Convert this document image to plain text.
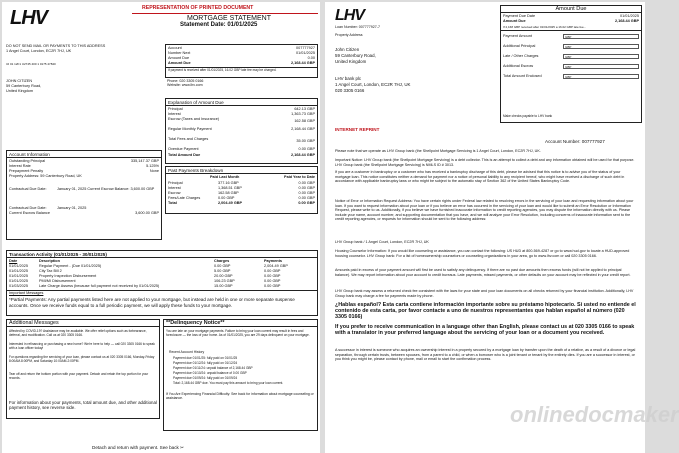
LHV	REPRESENTATION OF PRINTED DOCUMENT
MORTGAGE STATEMENT
Statement Date: 01/01/2025
DO NOT SEND MAIL OR PAYMENTS TO THIS ADDRESS
1 Angel Court, London, EC2R 7HJ, UK
3J 01 12F1 U2745 400 1 0175 47840
JOHN CITIZEN
59 Canterbury Road,
United Kingdom
Account	007777927
Number Next	01/01/2025
Amount Due	0.00
Amount Due	2,168.44 GBP
If payment is received after 01/01/2025, 16.02 GBP late fee may be charged.
Phone: 020 3305 0166
Website: www.lhv.com
Explanation of Amount Due
Principal	642.13 GBP
Interest	1,363.73 GBP
Escrow (Taxes and Insurance)	162.58 GBP
Regular Monthly Payment	2,168.44 GBP
Total Fees and Charges	35.00 GBP
Overdue Payment	0.00 GBP
Total Amount Due	2,168.44 GBP
Account Information
Outstanding Principal	335,147.37 GBP
Interest Rate	5.125%
Prepayment Penalty	None
Property Address: 59 Canterbury Road, UK
Contractual Due Date:	January 01, 2025 Current Escrow Balance: 3,600.00 GBP
Contractual Due Date:	January 01, 2025
Current Escrow Balance	3,600.00 GBP
Past Payments Breakdown
Paid Last Month	Paid Year to Date
Principal	377.16 GBP	0.00 GBP
Interest	1,368.51 GBP	0.00 GBP
Escrow	162.58 GBP	0.00 GBP
Fees/Late Charges	0.00 GBP	0.00 GBP
Total	2,004.49 GBP	0.00 GBP
Transaction Activity (01/01/2025 - 30/01/2025)
Date	Description	Charges	Payments
01/01/2025	Regular Payment - (Due 01/01/2025)	0.00 GBP	2,004.49 GBP
01/01/2025	City Tax Bill 2	5.00 GBP	0.00 GBP
01/01/2025	Property Inspection Disbursement	20.00 GBP	0.00 GBP
01/01/2025	PMI/MI Disbursement	106.23 GBP	0.00 GBP
01/03/2025	Late Charge Assess (because full payment not received by 01/01/2025)	15.00 GBP	0.00 GBP
Important Messages
*Partial Payments: Any partial payments listed here are not applied to your mortgage, but instead are held in one or more separate suspense accounts. Once we receive funds equal to a full periodic payment, we will apply these funds to your mortgage.
Additional Messages
Affected by COVID-19? Assistance may be available. We offer relief options such as forbearance, deferral, and modification. Call us at 020 3305 0166.
Interested in refinancing or purchasing a new home? We're here to help — call 020 3305 0166 to speak with a loan officer today!
For questions regarding the servicing of your loan, please contact us at 020 3305 0166, Monday-Friday 8:00AM-8:00PM, and Saturday 10:00AM-2:00PM.
Tear off and return the bottom portion with your payment. Detach and retain the top portion for your records.
For information about your payments, total amount due, and other additional payment history, see reverse side.
**Delinquency Notice**
You are late on your mortgage payments. Failure to bring your loan current may result in fees and foreclosure — the loss of your home. As of 01/01/2025, you are 29 days delinquent on your mortgage.
Recent Account History
Payment due 01/01/25: fully paid on 01/01/25
Payment due 01/12/24: fully paid on 01/12/24
Payment due 01/11/24: unpaid balance of 2,168.44 GBP
Payment due 01/10/24: unpaid balance of 0.00 GBP
Payment due 01/09/24: fully paid on 01/09/24
Total: 2,168.44 GBP due. You must pay this amount to bring your loan current.
If You Are Experiencing Financial Difficulty: See back for information about mortgage counseling or assistance.
Detach and return with payment. See back ✂
LHV
Loan Number: 007777927-7
Property Address
John Citizen
59 Canterbury Road,
United Kingdom
LHV bank plc
1 Angel Court, London, EC2R 7HJ, UK
020 3305 0166
Amount Due
Payment Due Date	01/01/2025
Amount Due	2,168.44 GBP
If 2,168 GBP received after 01/01/2025 a 16.02 GBP late fee...
Payment Amount	GBP
Additional Principal	GBP
Late / Other Charges	GBP
Additional Escrow	GBP
Total Amount Enclosed	GBP
Make checks payable to LHV bank
INTERNET REPRINT
Account Number: 007777927
Please note that we operate as LHV Group bank (the Shellpoint Mortgage Servicing is 1 Angel Court, London, EC2R 7HJ, UK.
Important Notice: LHV Group bank (the Shellpoint Mortgage Servicing) is a debt collector. This is an attempt to collect a debt and any information obtained will be used for that purpose. LHV Group bank (the Shellpoint Mortgage Servicing) is NMLS ID # 3013.
If you are a customer in bankruptcy or a customer who has received a bankruptcy discharge of this debt, please be advised that this notice is to advise you of the status of your mortgage loan. This notice constitutes neither a demand for payment nor a notice of personal liability to any recipient hereof, who might have received a discharge of such debt in accordance with applicable bankruptcy laws or who might be subject to the automatic stay of Section 362 of the United States Bankruptcy Code.
Notice of Error or Information Request Address: You have certain rights under Federal law related to resolving errors in the servicing of your loan and requesting information about your loan. If you want to request information about your loan or if you believe an error has occurred in the servicing of your loan and would like to submit an Error Resolution or Information Request, please write to us. Additionally, if you believe we have furnished inaccurate information to credit reporting agencies, you may dispute the information directly with us. Please include your name, account number, and supporting documentation that you have, and we will analyze your Error Resolution, including concerns of inaccurate information sent to the credit reporting agencies, or requests for information should be sent to the following address:
LHV Group bank / 1 Angel Court, London, EC2R 7HJ, UK
Housing Counselor Information: If you would like counseling or assistance, you can contact the following: US HUD at 800-569-4287 or go to www.hud.gov to locate a HUD-approved housing counselor. LHV Group bank: For a list of homeownership counselors or counseling organizations in your area, go to www.lhv.com or call 020 3305 0166.
Amounts paid in excess of your payment amount will first be used to satisfy any delinquency. If there are no past due amounts then excess funds (will not be applied to principal balance). We may report information about your account to credit bureaus. Late payments, missed payments, or other defaults on your account may be reflected in your credit report.
LHV Group bank may assess a returned check fee consistent with the laws for your state and your loan documents on all checks returned by your financial institution. Additionally, LHV Group bank may charge a fee for payments made by phone.
¿Hablas español? Esta carta contiene información importante sobre su préstamo hipotecario. Si usted no entiende el contenido de esta carta, por favor contacte a uno de nuestros representantes que hablan español al número (020 3305 0166)
If you prefer to receive communication in a language other than English, please contact us at 020 3305 0166 to speak with a translator in your preferred language about the servicing of your loan or a document you received.
A successor in interest is someone who acquires an ownership interest in a property secured by a mortgage loan by transfer upon the death of a relative, as a result of a divorce or legal separation, through certain trusts, between spouses, from a parent to a child, or when a borrower who is a joint tenant or tenant by the entirety dies. If you are a successor in interest, or you think you might be, please contact by phone, mail or email to start the confirmation process.
onlinedocmaker
